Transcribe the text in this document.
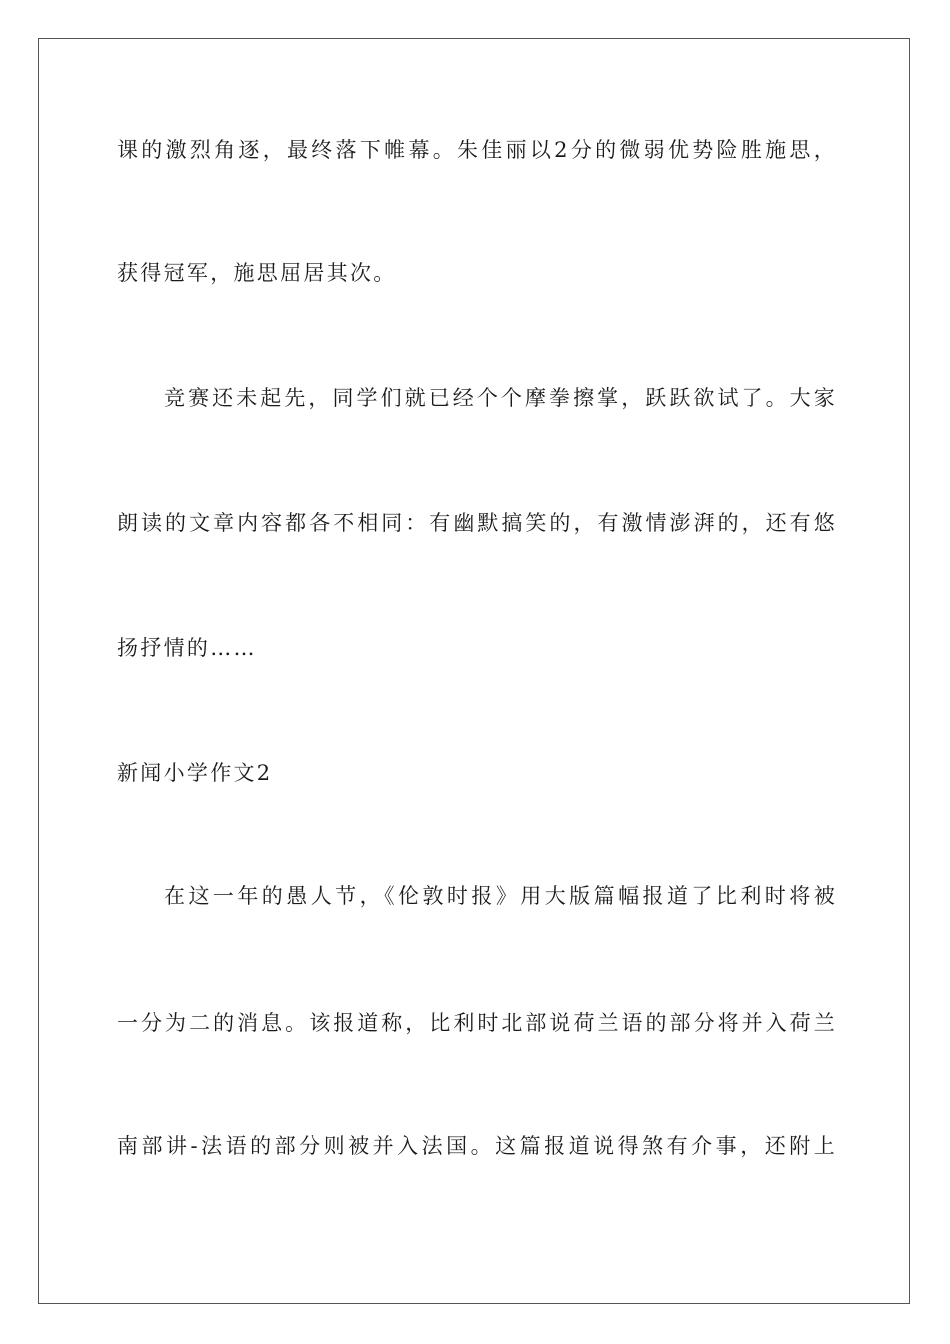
课的激烈角逐，最终落下帷幕。朱佳丽以2分的微弱优势险胜施思，
获得冠军，施思屈居其次。
竞赛还未起先，同学们就已经个个摩拳擦掌，跃跃欲试了。大家
朗读的文章内容都各不相同：有幽默搞笑的，有激情澎湃的，还有悠
扬抒情的……
新闻小学作文2
在这一年的愚人节，《伦敦时报》用大版篇幅报道了比利时将被
一分为二的消息。该报道称，比利时北部说荷兰语的部分将并入荷兰
南部讲-法语的部分则被并入法国。这篇报道说得煞有介事，还附上
